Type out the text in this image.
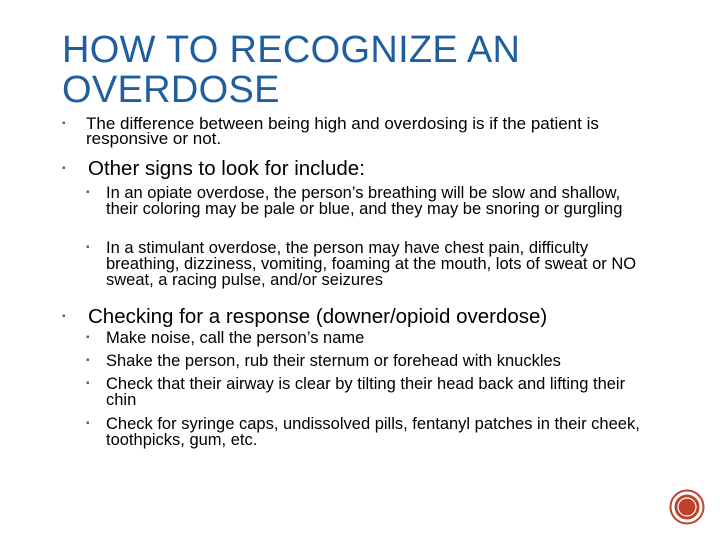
HOW TO RECOGNIZE AN OVERDOSE
▪	The difference between being high and overdosing is if the patient is responsive or not.
▪	Other signs to look for include:
▪ In an opiate overdose, the person’s breathing will be slow and shallow, their coloring may be pale or blue, and they may be snoring or gurgling
▪ In a stimulant overdose, the person may have chest pain, difficulty breathing, dizziness, vomiting, foaming at the mouth, lots of sweat or NO sweat, a racing pulse, and/or seizures
▪	Checking for a response (downer/opioid overdose)
▪ Make noise, call the person’s name
▪ Shake the person, rub their sternum or forehead with knuckles
▪ Check that their airway is clear by tilting their head back and lifting their chin
▪ Check for syringe caps, undissolved pills, fentanyl patches in their cheek, toothpicks, gum, etc.
